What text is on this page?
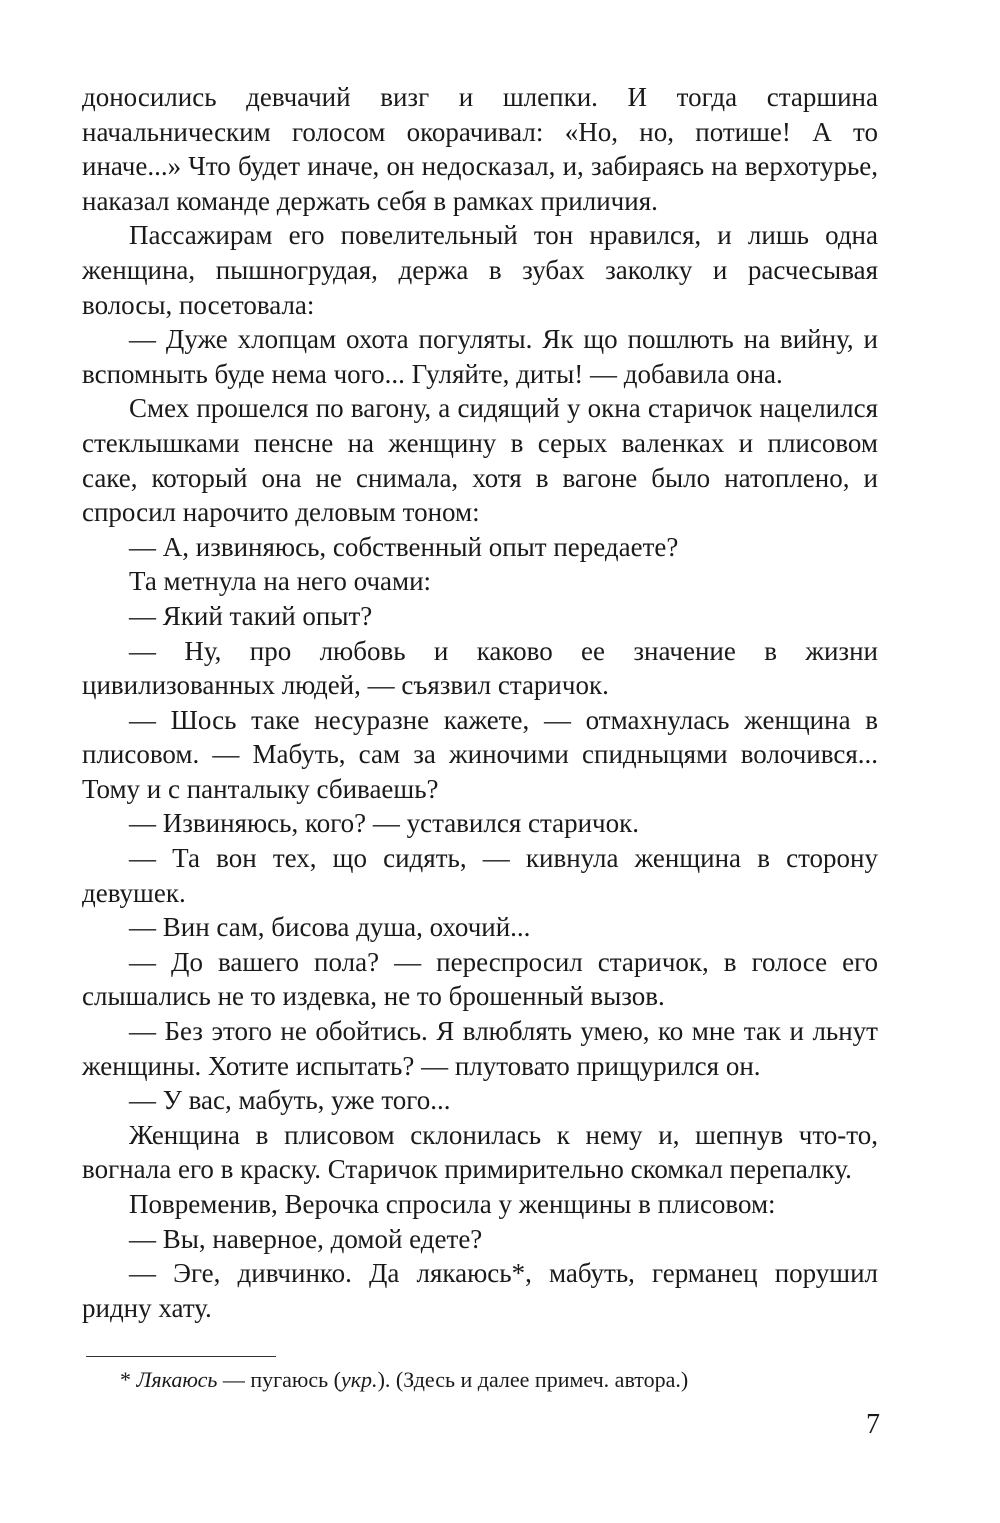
доносились девчачий визг и шлепки. И тогда старшина начальническим голосом окорачивал: «Но, но, потише! А то иначе...» Что будет иначе, он недосказал, и, забираясь на верхотурье, наказал команде держать себя в рамках приличия.

Пассажирам его повелительный тон нравился, и лишь одна женщина, пышногрудая, держа в зубах заколку и расчесывая волосы, посетовала:

— Дуже хлопцам охота погуляты. Як що пошлють на вийну, и вспомныть буде нема чого... Гуляйте, диты! — добавила она.

Смех прошелся по вагону, а сидящий у окна старичок нацелился стеклышками пенсне на женщину в серых валенках и плисовом саке, который она не снимала, хотя в вагоне было натоплено, и спросил нарочито деловым тоном:

— А, извиняюсь, собственный опыт передаете?

Та метнула на него очами:

— Який такий опыт?

— Ну, про любовь и каково ее значение в жизни цивилизованных людей, — съязвил старичок.

— Шось таке несуразне кажете, — отмахнулась женщина в плисовом. — Мабуть, сам за жиночими спидныцями волочився... Тому и с панталыку сбиваешь?

— Извиняюсь, кого? — уставился старичок.

— Та вон тех, що сидять, — кивнула женщина в сторону девушек.

— Вин сам, бисова душа, охочий...

— До вашего пола? — переспросил старичок, в голосе его слышались не то издевка, не то брошенный вызов.

— Без этого не обойтись. Я влюблять умею, ко мне так и льнут женщины. Хотите испытать? — плутовато прищурился он.

— У вас, мабуть, уже того...

Женщина в плисовом склонилась к нему и, шепнув что-то, вогнала его в краску. Старичок примирительно скомкал перепалку.

Повременив, Верочка спросила у женщины в плисовом:

— Вы, наверное, домой едете?

— Эге, дивчинко. Да лякаюсь*, мабуть, германец порушил ридну хату.

* Лякаюсь — пугаюсь (укр.). (Здесь и далее примеч. автора.)
7
